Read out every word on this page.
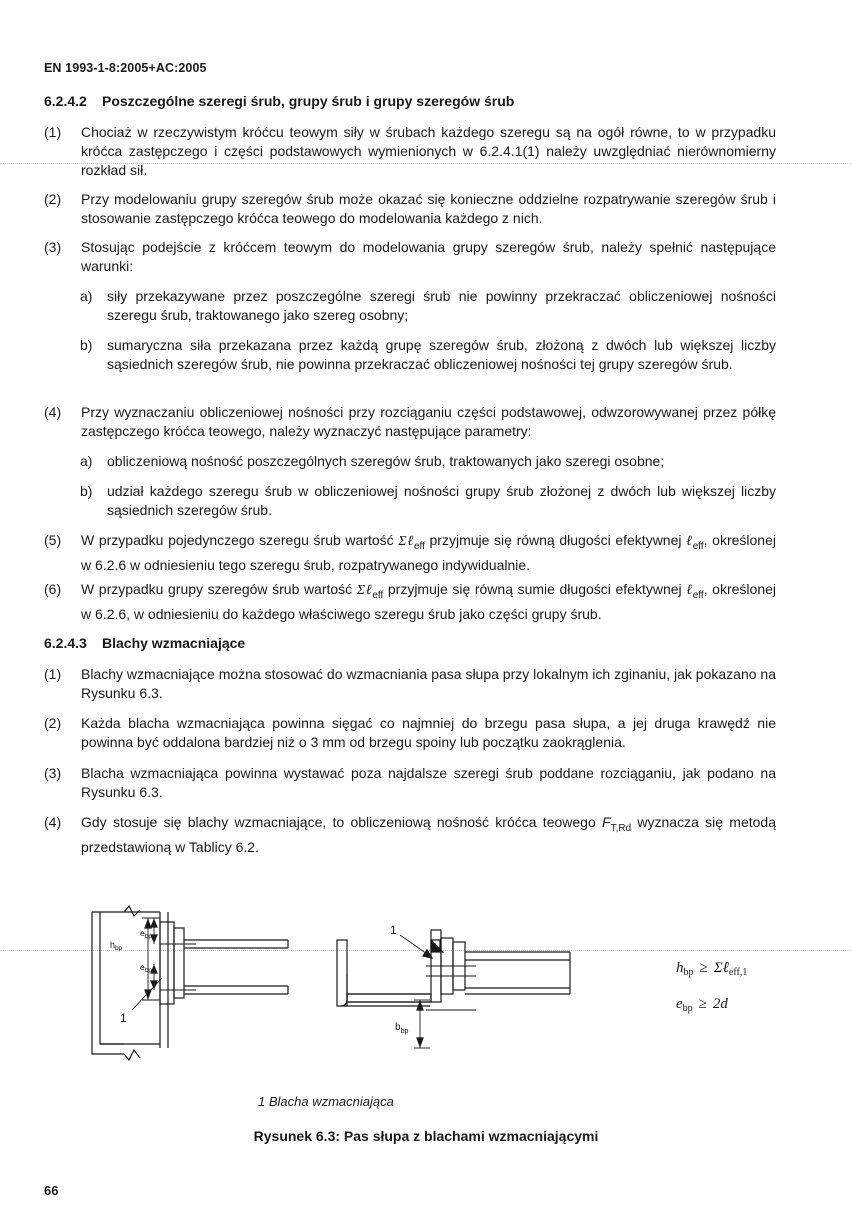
EN 1993-1-8:2005+AC:2005
6.2.4.2 Poszczególne szeregi śrub, grupy śrub i grupy szeregów śrub
(1)	Chociaż w rzeczywistym króćcu teowym siły w śrubach każdego szeregu są na ogół równe, to w przypadku króćca zastępczego i części podstawowych wymienionych w 6.2.4.1(1) należy uwzględniać nierównomierny rozkład sił.
(2)	Przy modelowaniu grupy szeregów śrub może okazać się konieczne oddzielne rozpatrywanie szeregów śrub i stosowanie zastępczego króćca teowego do modelowania każdego z nich.
(3)	Stosując podejście z króćcem teowym do modelowania grupy szeregów śrub, należy spełnić następujące warunki:
a)	siły przekazywane przez poszczególne szeregi śrub nie powinny przekraczać obliczeniowej nośności szeregu śrub, traktowanego jako szereg osobny;
b)	sumaryczna siła przekazana przez każdą grupę szeregów śrub, złożoną z dwóch lub większej liczby sąsiednich szeregów śrub, nie powinna przekraczać obliczeniowej nośności tej grupy szeregów śrub.
(4)	Przy wyznaczaniu obliczeniowej nośności przy rozciąganiu części podstawowej, odwzorowywanej przez półkę zastępczego króćca teowego, należy wyznaczyć następujące parametry:
a)	obliczeniową nośność poszczególnych szeregów śrub, traktowanych jako szeregi osobne;
b)	udział każdego szeregu śrub w obliczeniowej nośności grupy śrub złożonej z dwóch lub większej liczby sąsiednich szeregów śrub.
(5)	W przypadku pojedynczego szeregu śrub wartość Σℓ$_{eff}$ przyjmuje się równą długości efektywnej ℓ$_{eff}$, określonej w 6.2.6 w odniesieniu tego szeregu śrub, rozpatrywanego indywidualnie.
(6)	W przypadku grupy szeregów śrub wartość Σℓ$_{eff}$ przyjmuje się równą sumie długości efektywnej ℓ$_{eff}$, określonej w 6.2.6, w odniesieniu do każdego właściwego szeregu śrub jako części grupy śrub.
6.2.4.3 Blachy wzmacniające
(1)	Blachy wzmacniające można stosować do wzmacniania pasa słupa przy lokalnym ich zginaniu, jak pokazano na Rysunku 6.3.
(2)	Każda blacha wzmacniająca powinna sięgać co najmniej do brzegu pasa słupa, a jej druga krawędź nie powinna być oddalona bardziej niż o 3 mm od brzegu spoiny lub początku zaokrąglenia.
(3)	Blacha wzmacniająca powinna wystawać poza najdalsze szeregi śrub poddane rozciąganiu, jak podano na Rysunku 6.3.
(4)	Gdy stosuje się blachy wzmacniające, to obliczeniową nośność króćca teowego $F_{T,Rd}$ wyznacza się metodą przedstawioną w Tablicy 6.2.
$h_{bp}$
$e_{bp}$
$e_{bp}$
1
1
$b_{bp}$
$h_{bp}$ ≥ Σℓ$_{eff,1}$
$e_{bp} \ge 2d$
1 Blacha wzmacniająca
Rysunek 6.3: Pas słupa z blachami wzmacniającymi
66
